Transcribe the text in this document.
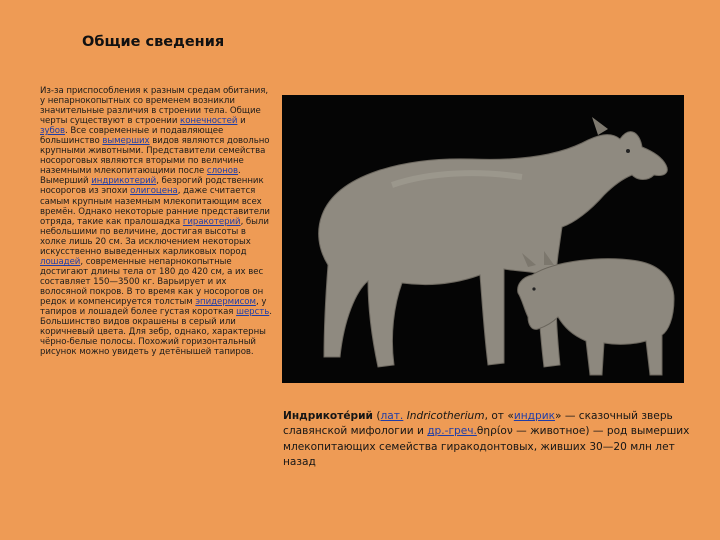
Общие сведения
Из-за приспособления к разным средам обитания, у непарнокопытных со временем возникли значительные различия в строении тела. Общие черты существуют в строении конечностей и зубов. Все современные и подавляющее большинство вымерших видов являются довольно крупными животными. Представители семейства носороговых являются вторыми по величине наземными млекопитающими после слонов. Вымерший индрикотерий, безрогий родственник носорогов из эпохи олигоцена, даже считается самым крупным наземным млекопитающим всех времён. Однако некоторые ранние представители отряда, такие как пралошадка гиракотерий, были небольшими по величине, достигая высоты в холке лишь 20 см. За исключением некоторых искусственно выведенных карликовых пород лошадей, современные непарнокопытные достигают длины тела от 180 до 420 см, а их вес составляет 150—3500 кг. Варьирует и их волосяной покров. В то время как у носорогов он редок и компенсируется толстым эпидермисом, у тапиров и лошадей более густая короткая шерсть. Большинство видов окрашены в серый или коричневый цвета. Для зебр, однако, характерны чёрно-белые полосы. Похожий горизонтальный рисунок можно увидеть у детёнышей тапиров.
Индрикоте́рий (лат. Indricotherium, от «индрик» — сказочный зверь славянской мифологии и др.-греч.θηρίον — животное) — род вымерших млекопитающих семейства гиракодонтовых, живших 30—20 млн лет назад
